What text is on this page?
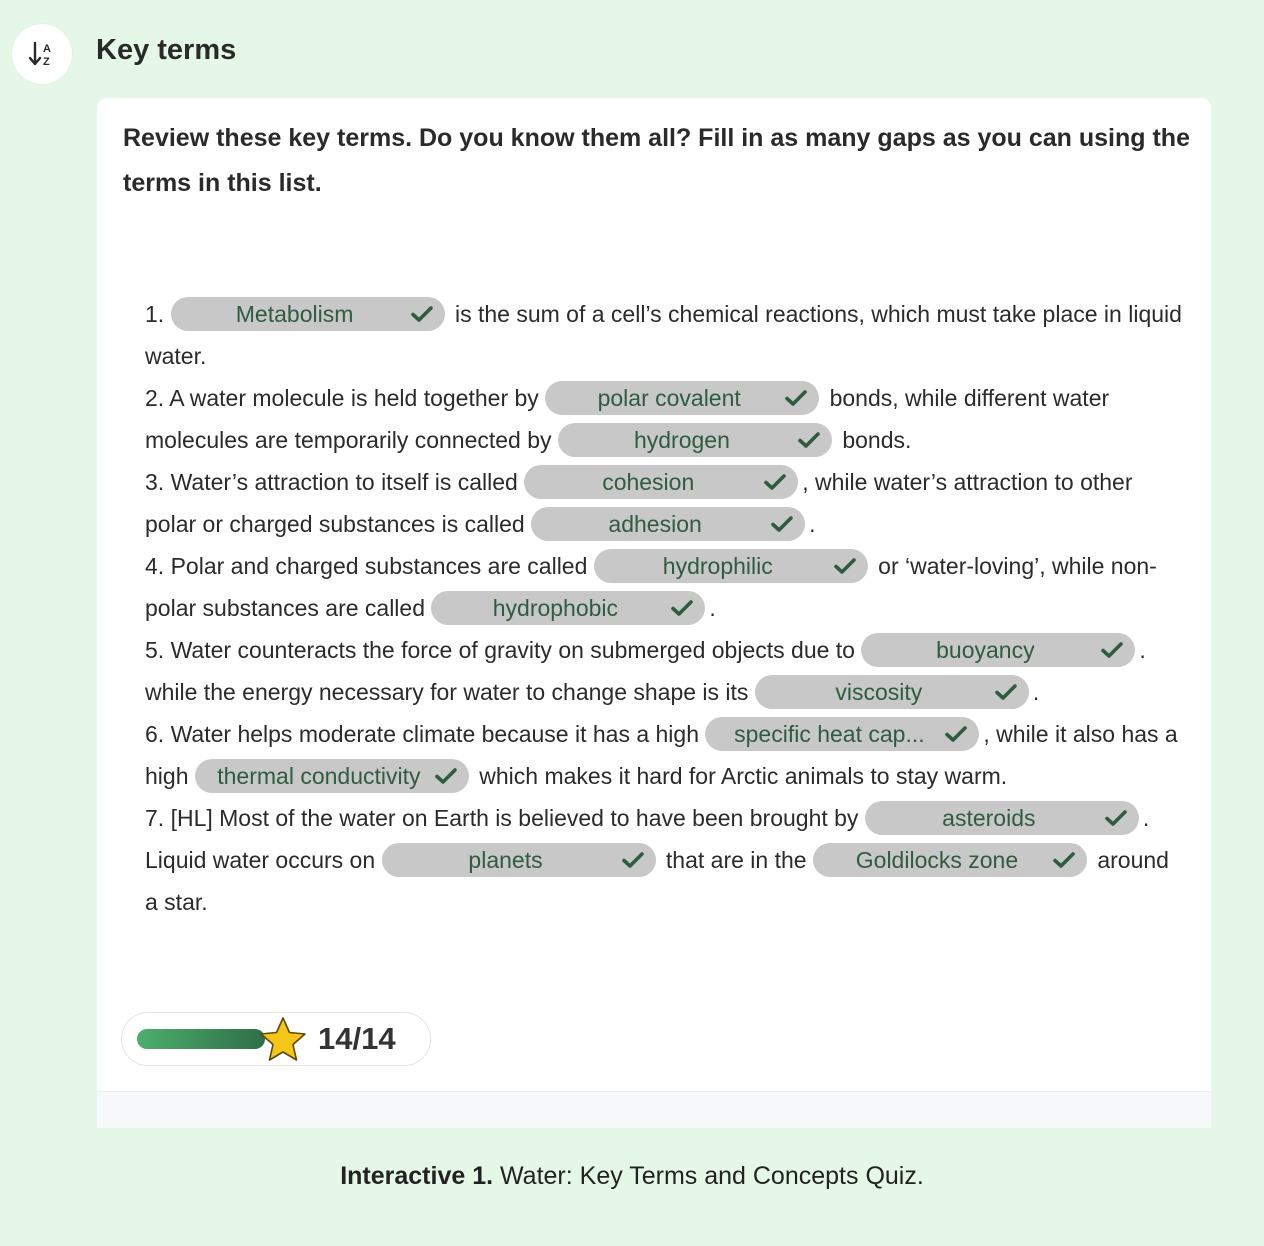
A
Z Key terms
Review these key terms. Do you know them all? Fill in as many gaps as you can using the terms in this list.

1.	Metabolism	is the sum of a cell’s chemical reactions, which must take place in liquid water.

2. A water molecule is held together by	polar covalent	bonds, while different water molecules are temporarily connected by	hydrogen	bonds.

3. Water’s attraction to itself is called	cohesion	, while water’s attraction to other polar or charged substances is called	adhesion	.

4. Polar and charged substances are called	hydrophilic	or ‘water-loving’, while non-polar substances are called	hydrophobic	.

5. Water counteracts the force of gravity on submerged objects due to	buoyancy	. while the energy necessary for water to change shape is its	viscosity	.

6. Water helps moderate climate because it has a high specific heat cap...	, while it also has a high thermal conductivity	which makes it hard for Arctic animals to stay warm.

7. [HL] Most of the water on Earth is believed to have been brought by	asteroids	. Liquid water occurs on	planets	that are in the Goldilocks zone	around a star.

14/14
Interactive 1. Water: Key Terms and Concepts Quiz.
